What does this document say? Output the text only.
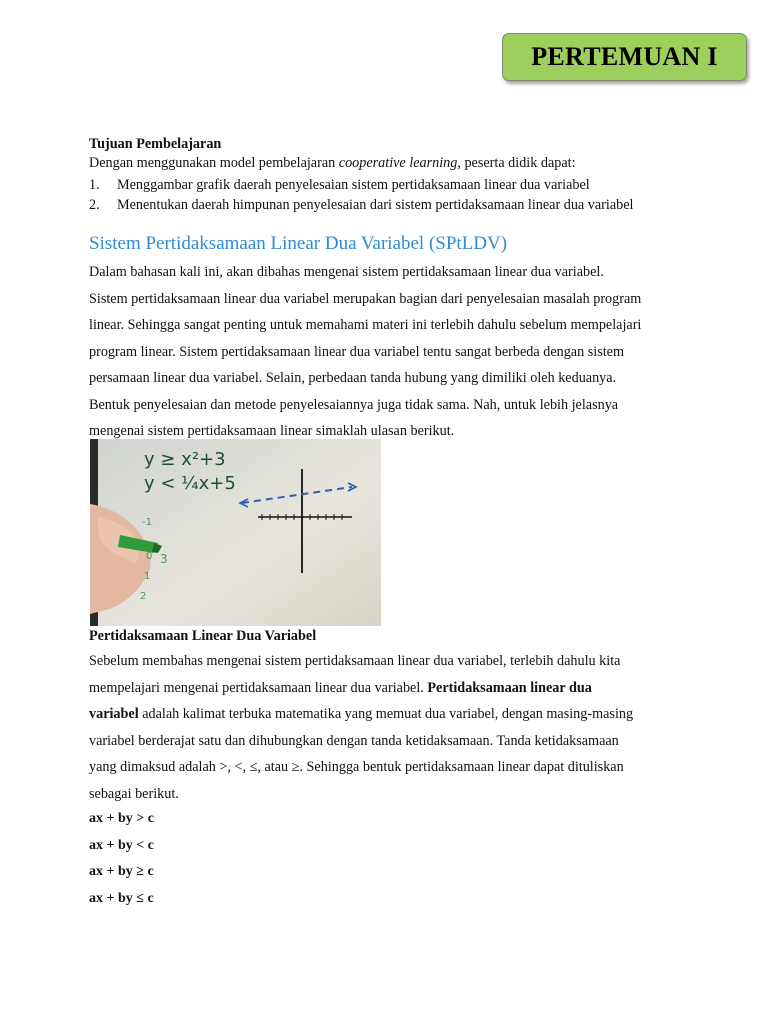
PERTEMUAN I
Tujuan Pembelajaran
Dengan menggunakan model pembelajaran cooperative learning, peserta didik dapat:
1. Menggambar grafik daerah penyelesaian sistem pertidaksamaan linear dua variabel
2. Menentukan daerah himpunan penyelesaian dari sistem pertidaksamaan linear dua variabel
Sistem Pertidaksamaan Linear Dua Variabel (SPtLDV)

Dalam bahasan kali ini, akan dibahas mengenai sistem pertidaksamaan linear dua variabel.

Sistem pertidaksamaan linear dua variabel merupakan bagian dari penyelesaian masalah program

linear. Sehingga sangat penting untuk memahami materi ini terlebih dahulu sebelum mempelajari

program linear. Sistem pertidaksamaan linear dua variabel tentu sangat berbeda dengan sistem

persamaan linear dua variabel. Selain, perbedaan tanda hubung yang dimiliki oleh keduanya.

Bentuk penyelesaian dan metode penyelesaiannya juga tidak sama. Nah, untuk lebih jelasnya

mengenai sistem pertidaksamaan linear simaklah ulasan berikut.

y ≥ x²+3
y < ¼x+5
-1
0 3
1
2
Pertidaksamaan Linear Dua Variabel

Sebelum membahas mengenai sistem pertidaksamaan linear dua variabel, terlebih dahulu kita

mempelajari mengenai pertidaksamaan linear dua variabel. Pertidaksamaan linear dua

variabel adalah kalimat terbuka matematika yang memuat dua variabel, dengan masing-masing

variabel berderajat satu dan dihubungkan dengan tanda ketidaksamaan. Tanda ketidaksamaan

yang dimaksud adalah >, <, ≤, atau ≥. Sehingga bentuk pertidaksamaan linear dapat dituliskan

sebagai berikut.

ax + by > c
ax + by < c
ax + by ≥ c
ax + by ≤ c
